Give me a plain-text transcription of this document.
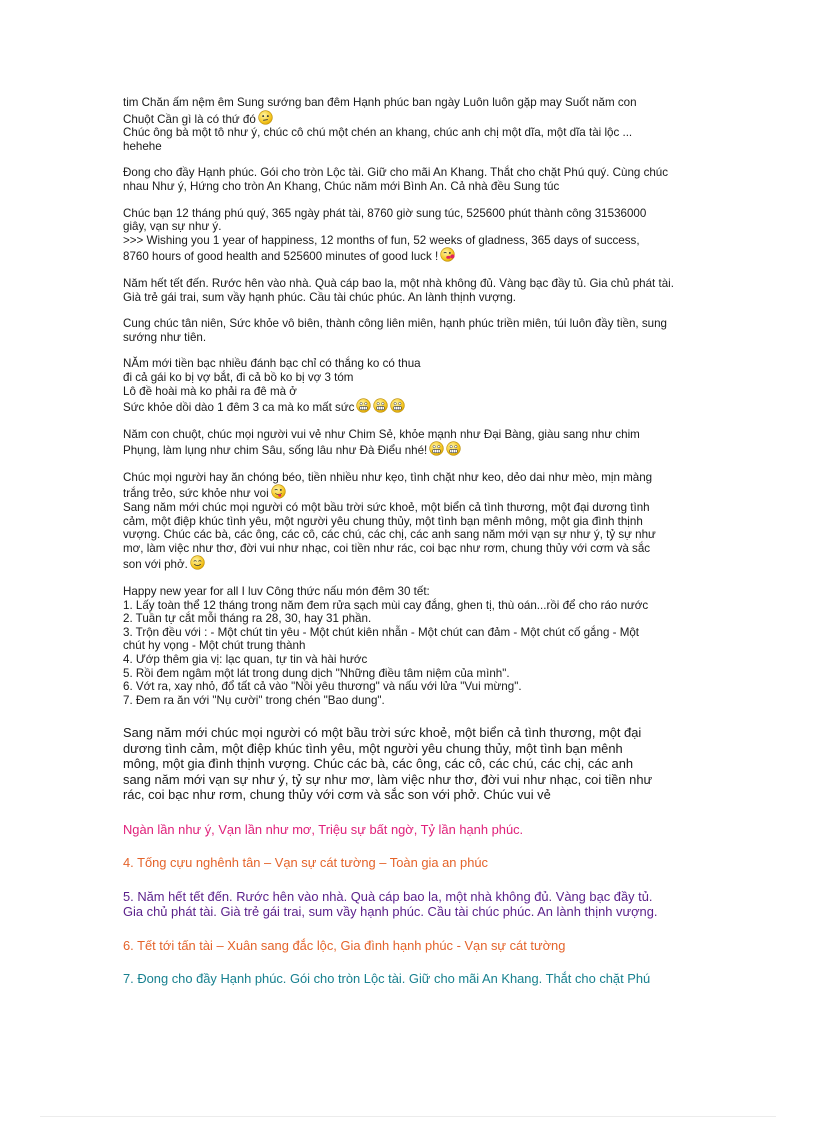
tim Chăn ấm nệm êm Sung sướng ban đêm Hạnh phúc ban ngày Luôn luôn gặp may Suốt năm con
Chuột Cần gì là có thứ đó
Chúc ông bà một tô như ý, chúc cô chú một chén an khang, chúc anh chị một dĩa, một dĩa tài lộc ...
hehehe
Đong cho đầy Hạnh phúc. Gói cho tròn Lộc tài. Giữ cho mãi An Khang. Thắt cho chặt Phú quý. Cùng chúc nhau Như ý, Hứng cho tròn An Khang, Chúc năm mới Bình An. Cả nhà đều Sung túc
Chúc bạn 12 tháng phú quý, 365 ngày phát tài, 8760 giờ sung túc, 525600 phút thành công 31536000
giây, vạn sự như ý.
>>> Wishing you 1 year of happiness, 12 months of fun, 52 weeks of gladness, 365 days of success,
8760 hours of good health and 525600 minutes of good luck !
Năm hết tết đến. Rước hên vào nhà. Quà cáp bao la, một nhà không đủ. Vàng bạc đầy tủ. Gia chủ phát tài. Già trẻ gái trai, sum vầy hạnh phúc. Cầu tài chúc phúc. An lành thịnh vượng.
Cung chúc tân niên, Sức khỏe vô biên, thành công liên miên, hạnh phúc triền miên, túi luôn đầy tiền, sung sướng như tiên.
NĂm mới tiền bạc nhiều đánh bạc chỉ có thắng ko có thua
đi cả gái ko bị vợ bắt, đi cả bồ ko bị vợ 3 tóm
Lô đề hoài mà ko phải ra đê mà ở
Sức khỏe dồi dào 1 đêm 3 ca mà ko mất sức
Năm con chuột, chúc mọi người vui vẻ như Chim Sẻ, khỏe mạnh như Đại Bàng, giàu sang như chim
Phụng, làm lụng như chim Sâu, sống lâu như Đà Điểu nhé!
Chúc mọi người hay ăn chóng béo, tiền nhiều như kẹo, tình chặt như keo, dẻo dai như mèo, mịn màng
trắng trẻo, sức khỏe như voi
Sang năm mới chúc mọi người có một bầu trời sức khoẻ, một biển cả tình thương, một đại dương tình
cảm, một điệp khúc tình yêu, một người yêu chung thủy, một tình bạn mênh mông, một gia đình thịnh
vượng. Chúc các bà, các ông, các cô, các chú, các chị, các anh sang năm mới vạn sự như ý, tỷ sự như
mơ, làm việc như thơ, đời vui như nhạc, coi tiền như rác, coi bạc như rơm, chung thủy với cơm và sắc
son với phở.
Happy new year for all I luv Công thức nấu món đêm 30 tết:
1. Lấy toàn thể 12 tháng trong năm đem rửa sạch mùi cay đắng, ghen tị, thù oán...rồi để cho ráo nước
2. Tuần tự cắt mỗi tháng ra 28, 30, hay 31 phần.
3. Trộn đều với : - Một chút tin yêu - Một chút kiên nhẫn - Một chút can đảm - Một chút cố gắng - Một
chút hy vọng - Một chút trung thành
4. Ướp thêm gia vị: lạc quan, tự tin và hài hước
5. Rồi đem ngâm một lát trong dung dịch "Những điều tâm niệm của mình".
6. Vớt ra, xay nhỏ, đổ tất cả vào "Nồi yêu thương" và nấu với lửa "Vui mừng".
7. Đem ra ăn với "Nụ cười" trong chén "Bao dung".
Sang năm mới chúc mọi người có một bầu trời sức khoẻ, một biển cả tình thương, một đại
dương tình cảm, một điệp khúc tình yêu, một người yêu chung thủy, một tình bạn mênh
mông, một gia đình thịnh vượng. Chúc các bà, các ông, các cô, các chú, các chị, các anh
sang năm mới vạn sự như ý, tỷ sự như mơ, làm việc như thơ, đời vui như nhạc, coi tiền như
rác, coi bạc như rơm, chung thủy với cơm và sắc son với phở. Chúc vui vẻ
Ngàn lần như ý, Vạn lần như mơ, Triệu sự bất ngờ, Tỷ lần hạnh phúc.
4. Tống cựu nghênh tân – Vạn sự cát tường – Toàn gia an phúc
5. Năm hết tết đến. Rước hên vào nhà. Quà cáp bao la, một nhà không đủ. Vàng bạc đầy tủ.
Gia chủ phát tài. Già trẻ gái trai, sum vầy hạnh phúc. Cầu tài chúc phúc. An lành thịnh vượng.
6. Tết tới tấn tài – Xuân sang đắc lộc, Gia đình hạnh phúc - Vạn sự cát tường
7. Đong cho đầy Hạnh phúc. Gói cho tròn Lộc tài. Giữ cho mãi An Khang. Thắt cho chặt Phú
